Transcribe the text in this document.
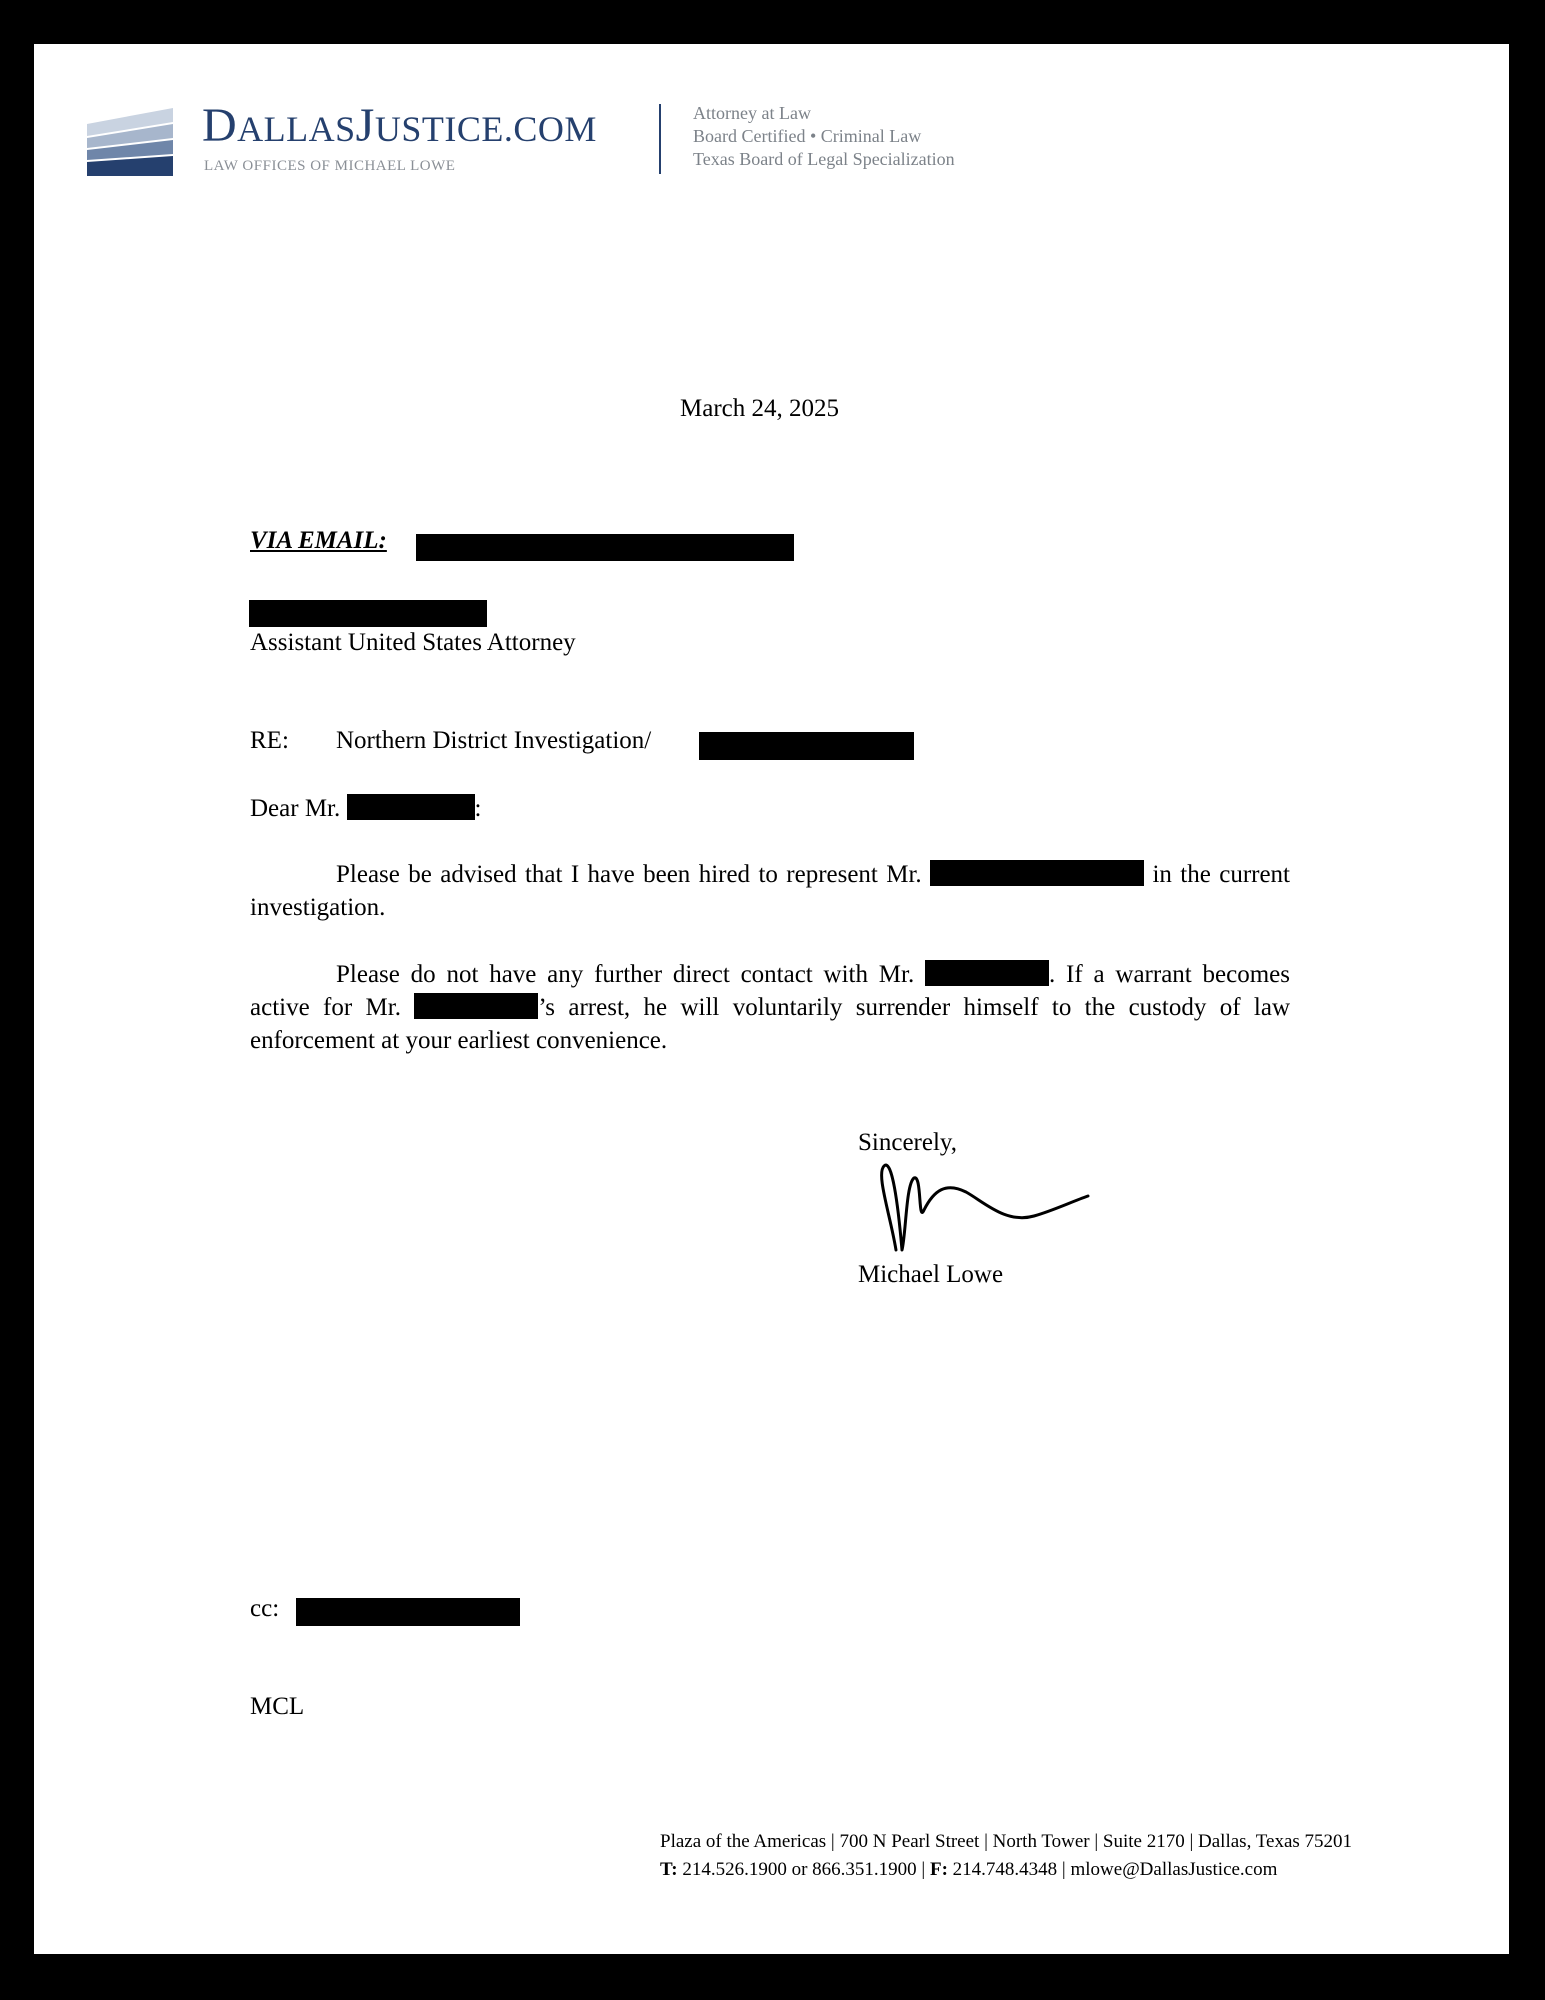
DALLASJUSTICE.COM
LAW OFFICES OF MICHAEL LOWE
Attorney at Law
Board Certified • Criminal Law
Texas Board of Legal Specialization
March 24, 2025
VIA EMAIL:
Assistant United States Attorney
RE: Northern District Investigation/
Dear Mr.	:
Please be advised that I have been hired to represent Mr.	in the current investigation.
Please do not have any further direct contact with Mr.	. If a warrant becomes active for Mr.	’s arrest, he will voluntarily surrender himself to the custody of law enforcement at your earliest convenience.
Sincerely,
Michael Lowe
cc:
MCL
Plaza of the Americas | 700 N Pearl Street | North Tower | Suite 2170 | Dallas, Texas 75201
T: 214.526.1900 or 866.351.1900 | F: 214.748.4348 | mlowe@DallasJustice.com
